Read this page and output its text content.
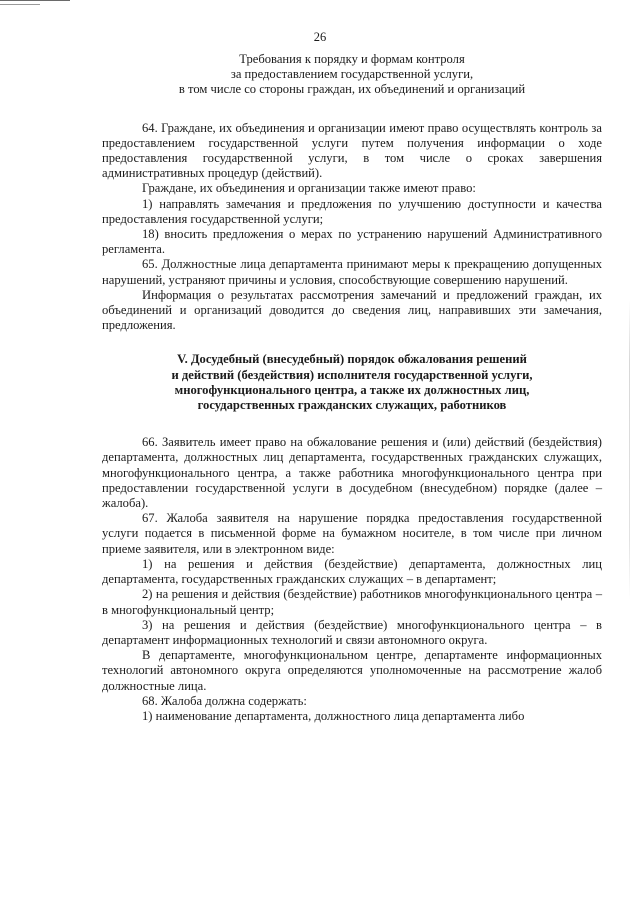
26
Требования к порядку и формам контроля
за предоставлением государственной услуги,
в том числе со стороны граждан, их объединений и организаций

64. Граждане, их объединения и организации имеют право осуществлять контроль за предоставлением государственной услуги путем получения информации о ходе предоставления государственной услуги, в том числе о сроках завершения административных процедур (действий).

Граждане, их объединения и организации также имеют право:

1) направлять замечания и предложения по улучшению доступности и качества предоставления государственной услуги;

18) вносить предложения о мерах по устранению нарушений Административного регламента.

65. Должностные лица департамента принимают меры к прекращению допущенных нарушений, устраняют причины и условия, способствующие совершению нарушений.

Информация о результатах рассмотрения замечаний и предложений граждан, их объединений и организаций доводится до сведения лиц, направивших эти замечания, предложения.

V. Досудебный (внесудебный) порядок обжалования решений
и действий (бездействия) исполнителя государственной услуги,
многофункционального центра, а также их должностных лиц,
государственных гражданских служащих, работников

66. Заявитель имеет право на обжалование решения и (или) действий (бездействия) департамента, должностных лиц департамента, государственных гражданских служащих, многофункционального центра, а также работника многофункционального центра при предоставлении государственной услуги в досудебном (внесудебном) порядке (далее – жалоба).

67. Жалоба заявителя на нарушение порядка предоставления государственной услуги подается в письменной форме на бумажном носителе, в том числе при личном приеме заявителя, или в электронном виде:

1) на решения и действия (бездействие) департамента, должностных лиц департамента, государственных гражданских служащих – в департамент;

2) на решения и действия (бездействие) работников многофункционального центра – в многофункциональный центр;

3) на решения и действия (бездействие) многофункционального центра – в департамент информационных технологий и связи автономного округа.

В департаменте, многофункциональном центре, департаменте информационных технологий автономного округа определяются уполномоченные на рассмотрение жалоб должностные лица.

68. Жалоба должна содержать:

1) наименование департамента, должностного лица департамента либо
